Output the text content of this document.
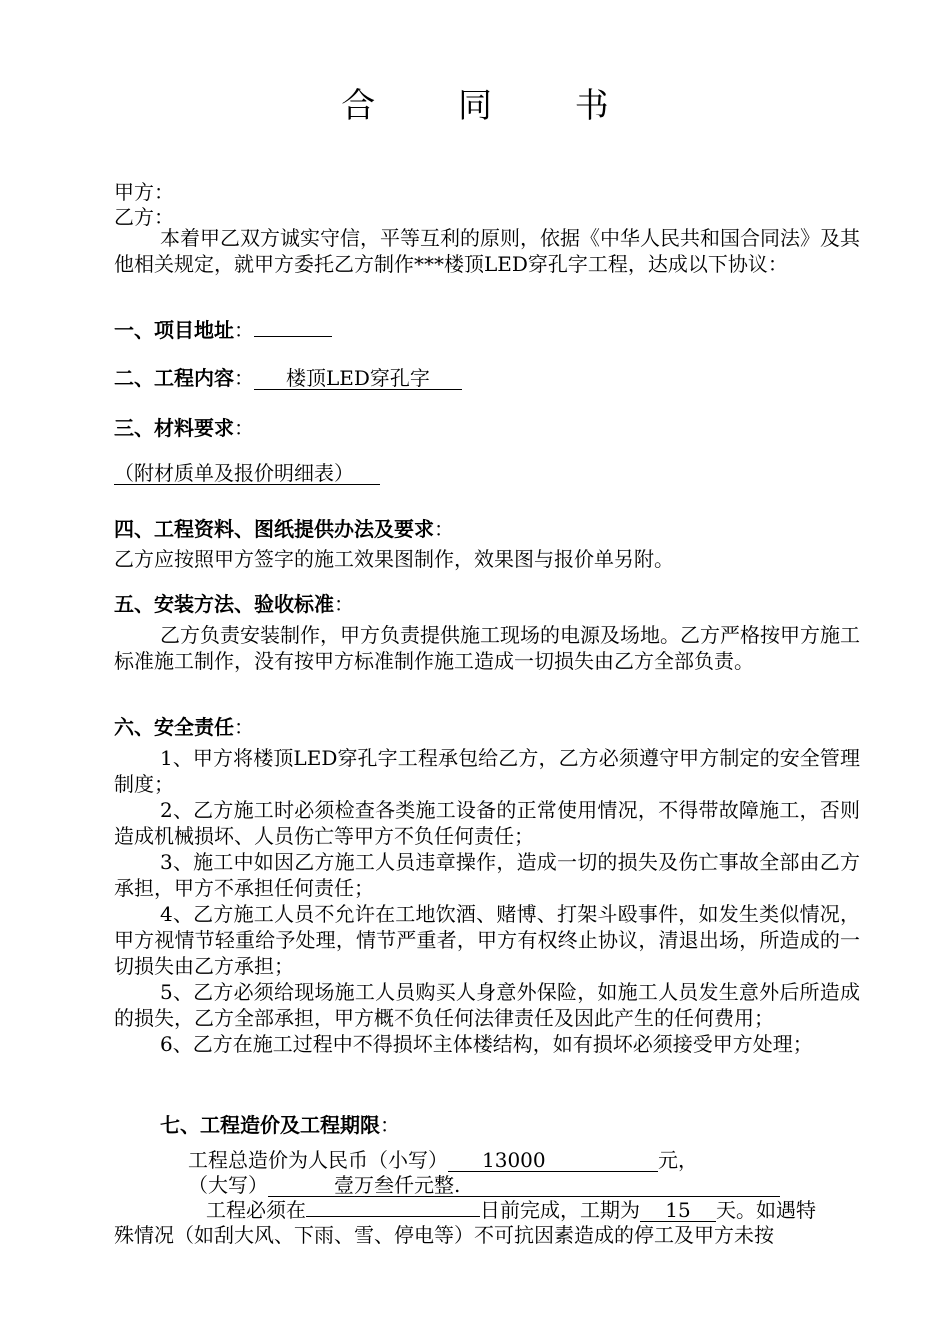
合 同 书
甲方：
乙方：

本着甲乙双方诚实守信，平等互利的原则，依据《中华人民共和国合同法》及其他相关规定，就甲方委托乙方制作***楼顶LED穿孔字工程，达成以下协议：

一、项目地址：
二、工程内容： 楼顶LED穿孔字
三、材料要求：
（附材质单及报价明细表）
四、工程资料、图纸提供办法及要求：

乙方应按照甲方签字的施工效果图制作，效果图与报价单另附。

五、安装方法、验收标准：

乙方负责安装制作，甲方负责提供施工现场的电源及场地。乙方严格按甲方施工标准施工制作，没有按甲方标准制作施工造成一切损失由乙方全部负责。

六、安全责任：

1、甲方将楼顶LED穿孔字工程承包给乙方，乙方必须遵守甲方制定的安全管理制度；

2、乙方施工时必须检查各类施工设备的正常使用情况，不得带故障施工，否则造成机械损坏、人员伤亡等甲方不负任何责任；

3、施工中如因乙方施工人员违章操作，造成一切的损失及伤亡事故全部由乙方承担，甲方不承担任何责任；

4、乙方施工人员不允许在工地饮酒、赌博、打架斗殴事件，如发生类似情况，甲方视情节轻重给予处理，情节严重者，甲方有权终止协议，清退出场，所造成的一切损失由乙方承担；

5、乙方必须给现场施工人员购买人身意外保险，如施工人员发生意外后所造成的损失，乙方全部承担，甲方概不负任何法律责任及因此产生的任何费用；

6、乙方在施工过程中不得损坏主体楼结构，如有损坏必须接受甲方处理；

七、工程造价及工程期限：
工程总造价为人民币（小写） 13000	元，
（大写）	壹万叁仟元整.
工程必须在	日前完成，工期为 15 天。如遇特
殊情况（如刮大风、下雨、雪、停电等）不可抗因素造成的停工及甲方未按
